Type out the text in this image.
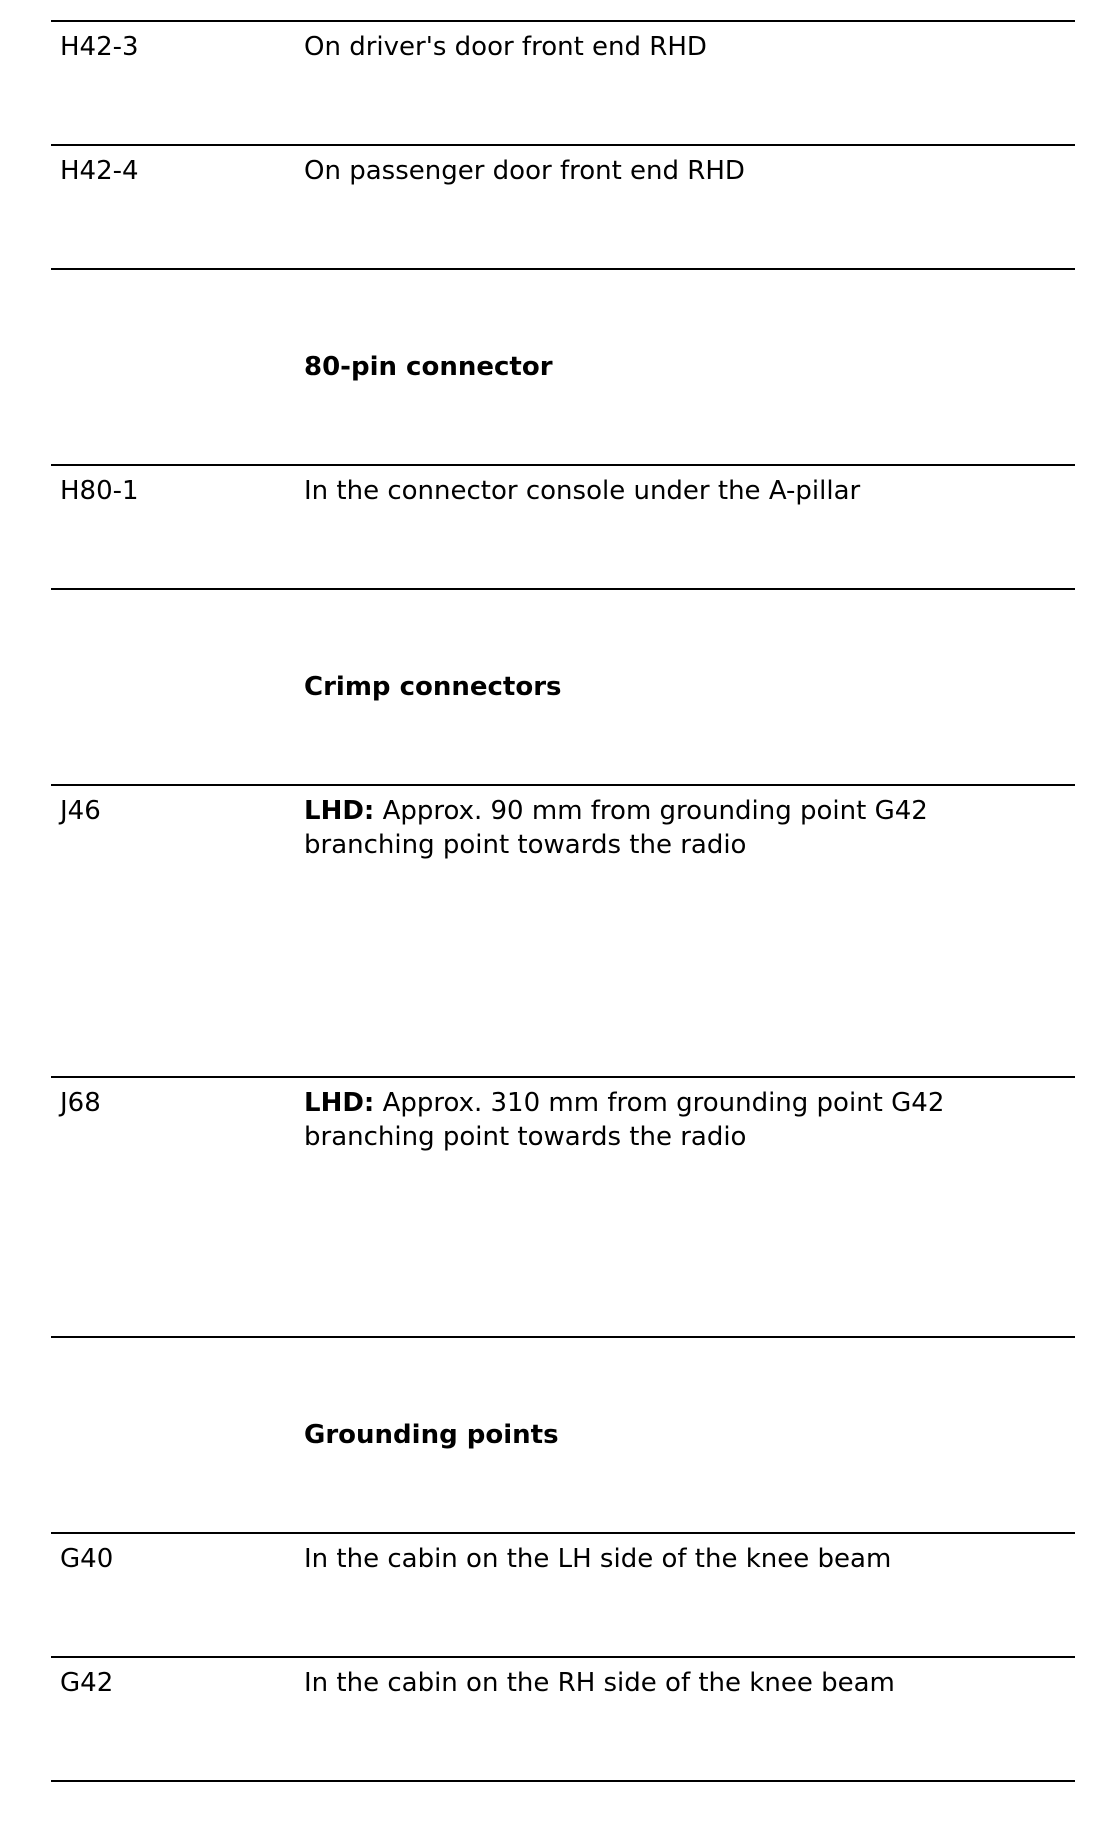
H42-3	On driver's door front end RHD
H42-4	On passenger door front end RHD
80-pin connector
H80-1	In the connector console under the A-pillar
Crimp connectors
J46	LHD: Approx. 90 mm from grounding point G42 branching point towards the radio
J68	LHD: Approx. 310 mm from grounding point G42 branching point towards the radio
Grounding points
G40	In the cabin on the LH side of the knee beam
G42	In the cabin on the RH side of the knee beam
